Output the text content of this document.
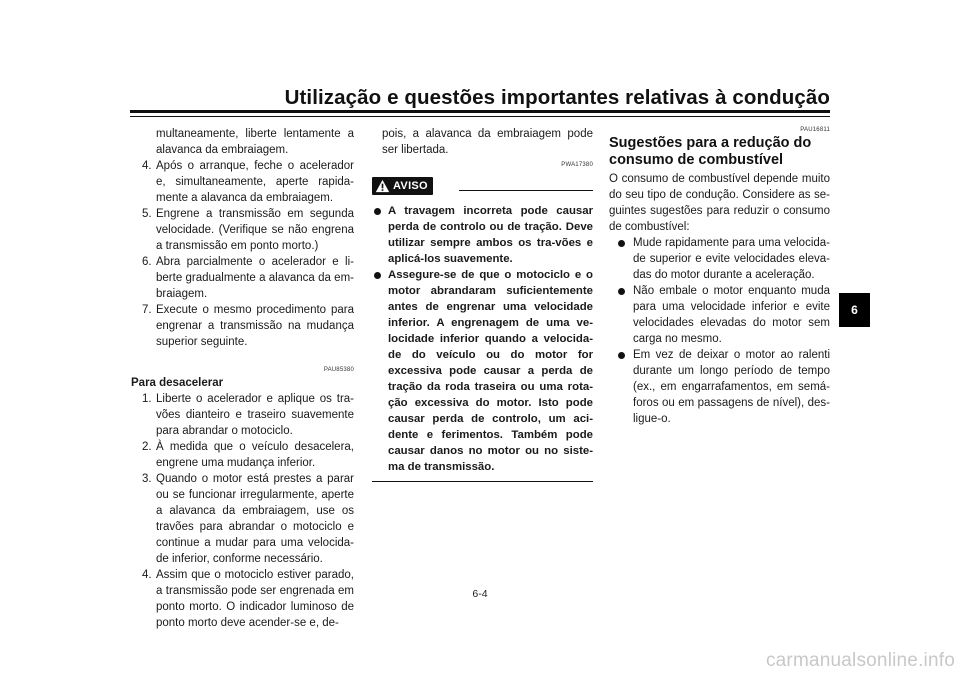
Utilização e questões importantes relativas à condução
6

multaneamente, liberte lentamente a alavanca da embraiagem.

4. Após o arranque, feche o acelerador e, simultaneamente, aperte rapida-mente a alavanca da embraiagem.
5. Engrene a transmissão em segunda velocidade. (Verifique se não engrena a transmissão em ponto morto.)
6. Abra parcialmente o acelerador e li-berte gradualmente a alavanca da em-braiagem.
7. Execute o mesmo procedimento para engrenar a transmissão na mudança superior seguinte.
PAU85380
Para desacelerar
1. Liberte o acelerador e aplique os tra-vões dianteiro e traseiro suavemente para abrandar o motociclo.
2. À medida que o veículo desacelera, engrene uma mudança inferior.
3. Quando o motor está prestes a parar ou se funcionar irregularmente, aperte a alavanca da embraiagem, use os travões para abrandar o motociclo e continue a mudar para uma velocida-de inferior, conforme necessário.
4. Assim que o motociclo estiver parado, a transmissão pode ser engrenada em ponto morto. O indicador luminoso de ponto morto deve acender-se e, de-

pois, a alavanca da embraiagem pode ser libertada.

PWA17380
AVISO
A travagem incorreta pode causar perda de controlo ou de tração. Deve utilizar sempre ambos os tra-vões e aplicá-los suavemente.
Assegure-se de que o motociclo e o motor abrandaram suficientemente antes de engrenar uma velocidade inferior. A engrenagem de uma ve-locidade inferior quando a velocida-de do veículo ou do motor for excessiva pode causar a perda de tração da roda traseira ou uma rota-ção excessiva do motor. Isto pode causar perda de controlo, um aci-dente e ferimentos. Também pode causar danos no motor ou no siste-ma de transmissão.
PAU16811
Sugestões para a redução do consumo de combustível

O consumo de combustível depende muito do seu tipo de condução. Considere as se-guintes sugestões para reduzir o consumo de combustível:

Mude rapidamente para uma velocida-de superior e evite velocidades eleva-das do motor durante a aceleração.
Não embale o motor enquanto muda para uma velocidade inferior e evite velocidades elevadas do motor sem carga no mesmo.
Em vez de deixar o motor ao ralenti durante um longo período de tempo (ex., em engarrafamentos, em semá-foros ou em passagens de nível), des-ligue-o.
6-4
carmanualsonline.info
